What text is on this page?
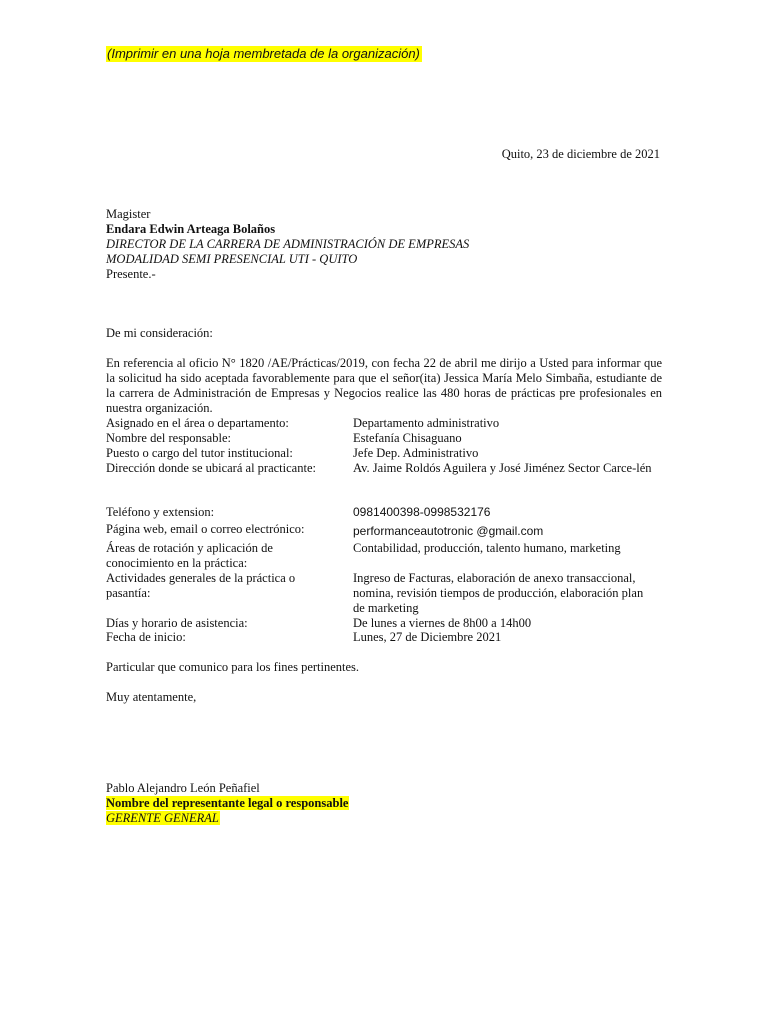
(Imprimir en una hoja membretada de la organización)
Quito, 23 de diciembre de 2021
Magister
Endara Edwin Arteaga Bolaños
DIRECTOR DE LA CARRERA DE ADMINISTRACIÓN DE EMPRESAS
MODALIDAD SEMI PRESENCIAL UTI - QUITO
Presente.-
De mi consideración:
En referencia al oficio N° 1820 /AE/Prácticas/2019, con fecha 22 de abril me dirijo a Usted para informar que
la solicitud ha sido aceptada favorablemente para que el señor(ita) Jessica María Melo Simbaña, estudiante de
la carrera de Administración de Empresas y Negocios realice las 480 horas de prácticas pre profesionales en
nuestra organización.
Asignado en el área o departamento:	Departamento administrativo
Nombre del responsable:	Estefanía Chisaguano
Puesto o cargo del tutor institucional:	Jefe Dep. Administrativo
Dirección donde se ubicará al practicante:	Av. Jaime Roldós Aguilera y José Jiménez Sector Carce-lén
Teléfono y extension:	0981400398-0998532176
Página web, email o correo electrónico:	performanceautotronic @gmail.com
Áreas de rotación y aplicación de conocimiento en la práctica:
Contabilidad, producción, talento humano, marketing
Actividades generales de la práctica o pasantía:
Ingreso de Facturas, elaboración de anexo transaccional, nomina, revisión tiempos de producción, elaboración plan de marketing
Días y horario de asistencia:	De lunes a viernes de 8h00 a 14h00
Fecha de inicio:	Lunes, 27 de Diciembre 2021
Particular que comunico para los fines pertinentes.
Muy atentamente,
Pablo Alejandro León Peñafiel
Nombre del representante legal o responsable
GERENTE GENERAL
